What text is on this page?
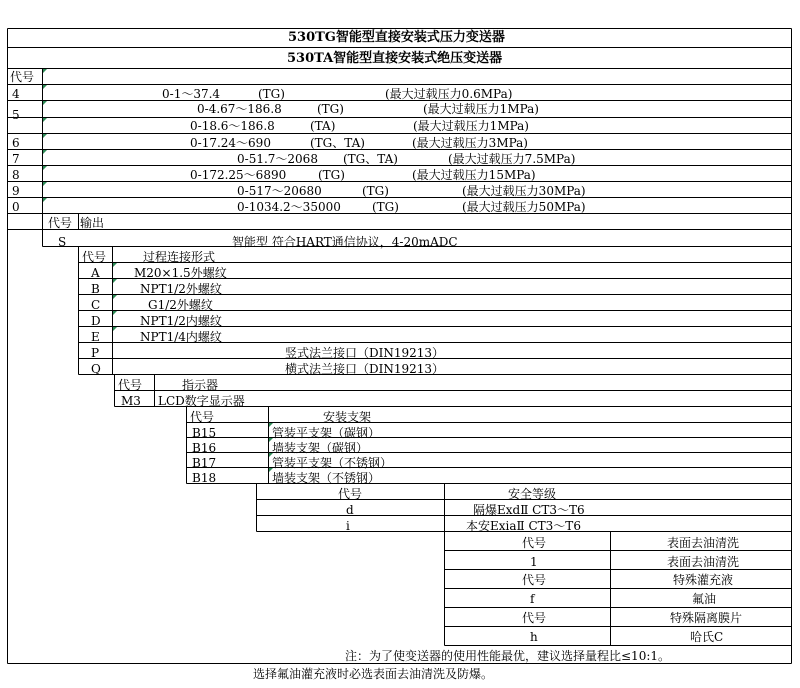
530TG智能型直接安装式压力变送器
530TA智能型直接安装式绝压变送器
代号
4	0-1～37.4	(TG)	(最大过载压力0.6MPa)
5	0-4.67～186.8	(TG)	(最大过载压力1MPa)
0-18.6～186.8	(TA)	(最大过载压力1MPa)
6	0-17.24～690	(TG、TA)	(最大过载压力3MPa)
7	0-51.7～2068 (TG、TA)	(最大过载压力7.5MPa)
8	0-172.25～6890	(TG)	(最大过载压力15MPa)
9	0-517～20680	(TG)	(最大过载压力30MPa)
0	0-1034.2～35000	(TG)	(最大过载压力50MPa)
代号 输出
S	智能型 符合HART通信协议，4-20mADC
代号	过程连接形式
A	M20×1.5外螺纹
B	NPT1/2外螺纹
C	G1/2外螺纹
D	NPT1/2内螺纹
E	NPT1/4内螺纹
P	竖式法兰接口（DIN19213）
Q	横式法兰接口（DIN19213）
代号	指示器
M3 LCD数字显示器
代号	安装支架
B15	管装平支架（碳钢）
B16	墙装支架（碳钢）
B17	管装平支架（不锈钢）
B18	墙装支架（不锈钢）
代号	安全等级
d	隔爆ExdⅡ CT3～T6
i	本安ExiaⅡ CT3～T6
代号	表面去油清洗
1	表面去油清洗
代号	特殊灌充液
f	氟油
代号	特殊隔离膜片
h	哈氏C
注：为了使变送器的使用性能最优，建议选择量程比≤10:1。
选择氟油灌充液时必选表面去油清洗及防爆。
